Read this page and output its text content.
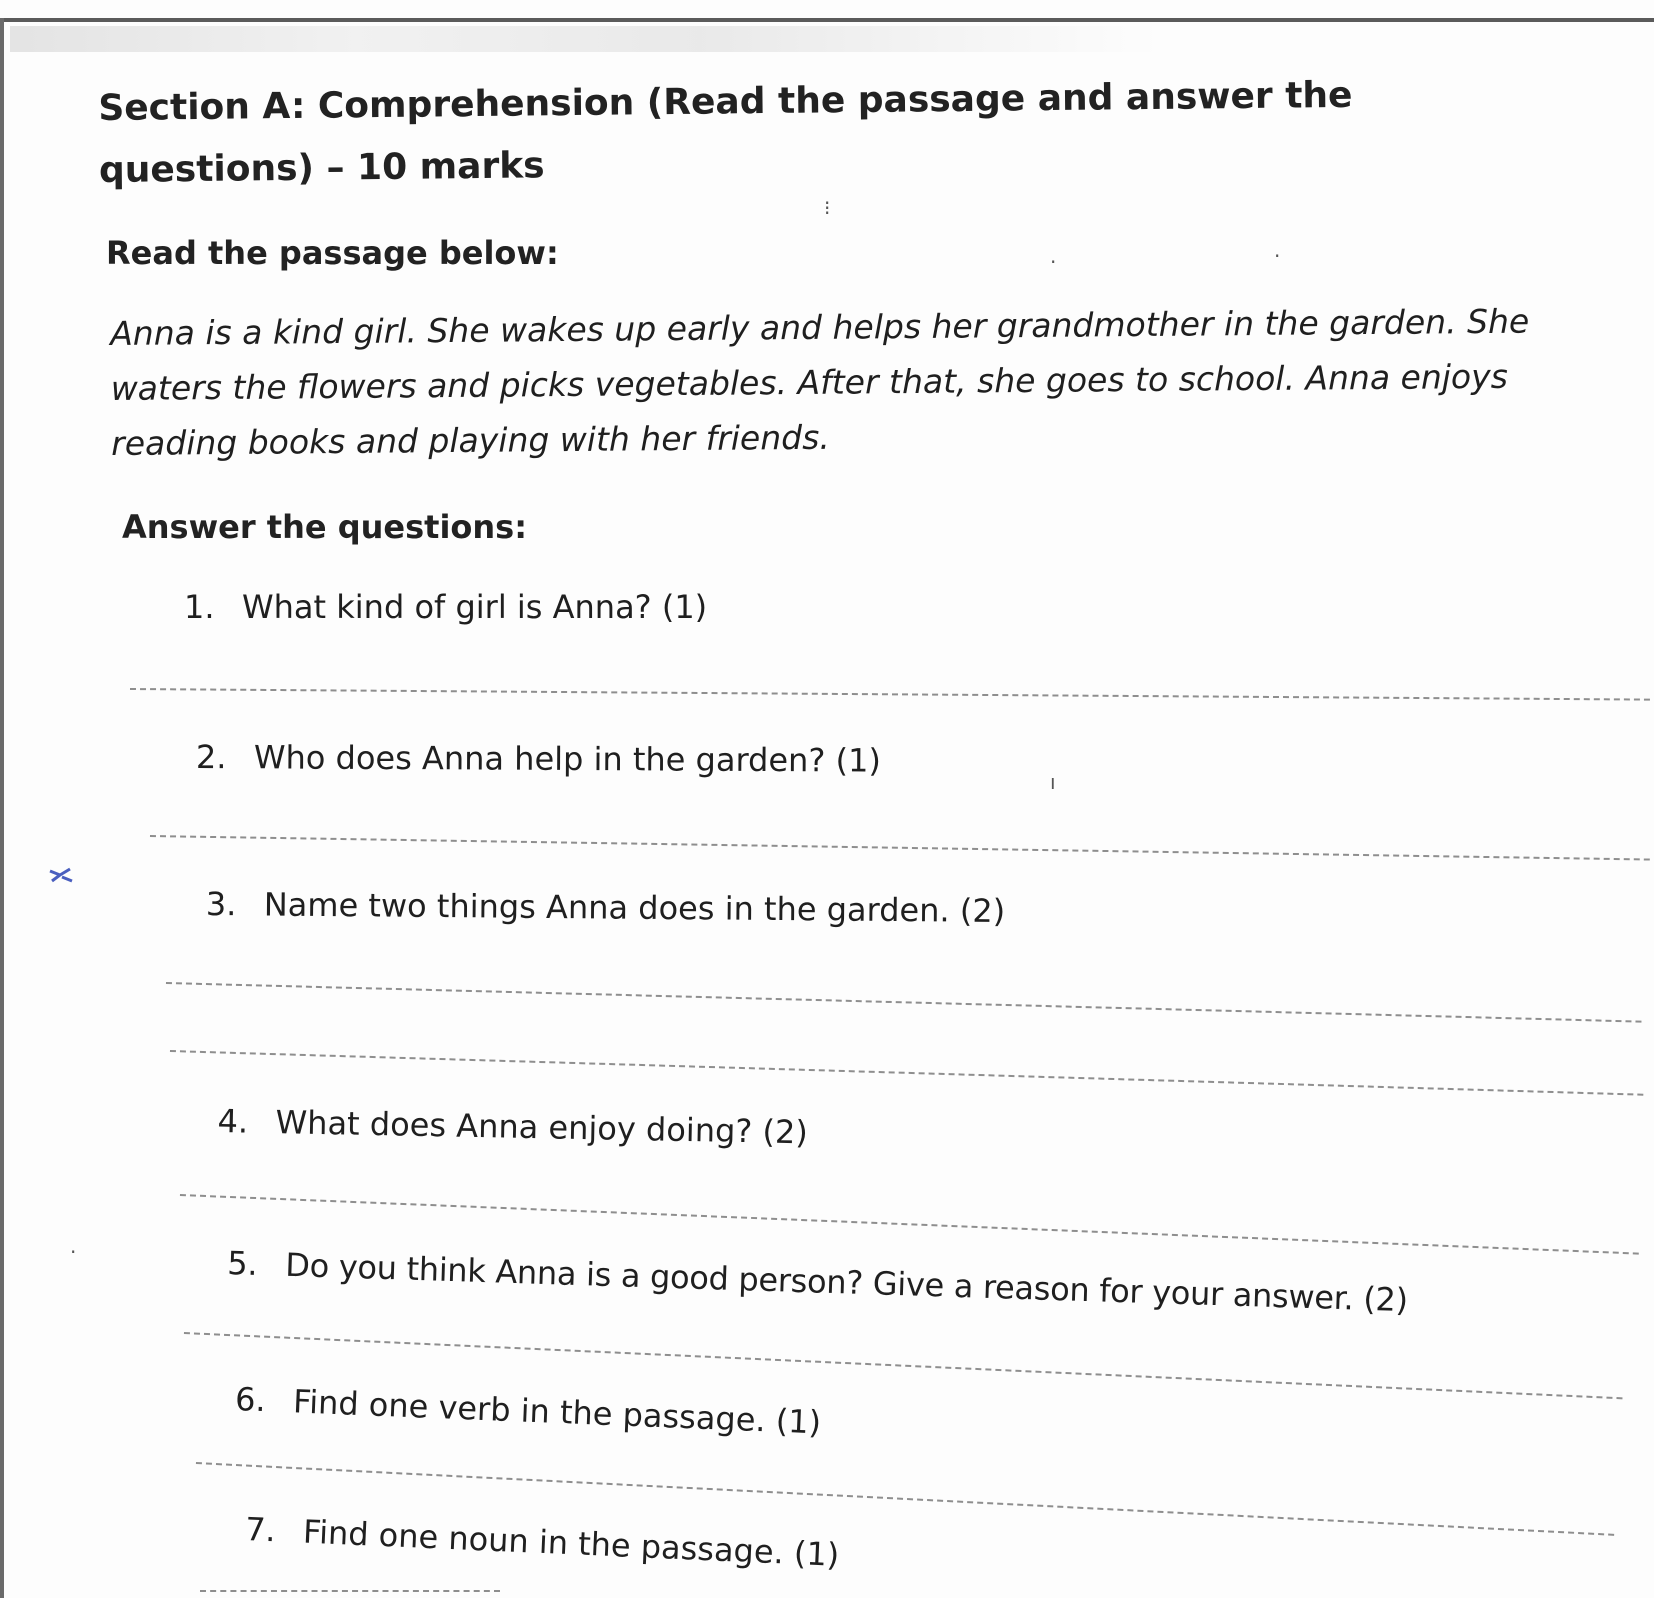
Section A: Comprehension (Read the passage and answer the questions) – 10 marks
Read the passage below:
Anna is a kind girl. She wakes up early and helps her grandmother in the garden. She waters the flowers and picks vegetables. After that, she goes to school. Anna enjoys reading books and playing with her friends.
Answer the questions:
1. What kind of girl is Anna? (1)
2. Who does Anna help in the garden? (1)
3. Name two things Anna does in the garden. (2)
4. What does Anna enjoy doing? (2)
5. Do you think Anna is a good person? Give a reason for your answer. (2)
6. Find one verb in the passage. (1)
7. Find one noun in the passage. (1)
⁝
·	·
ı
·
